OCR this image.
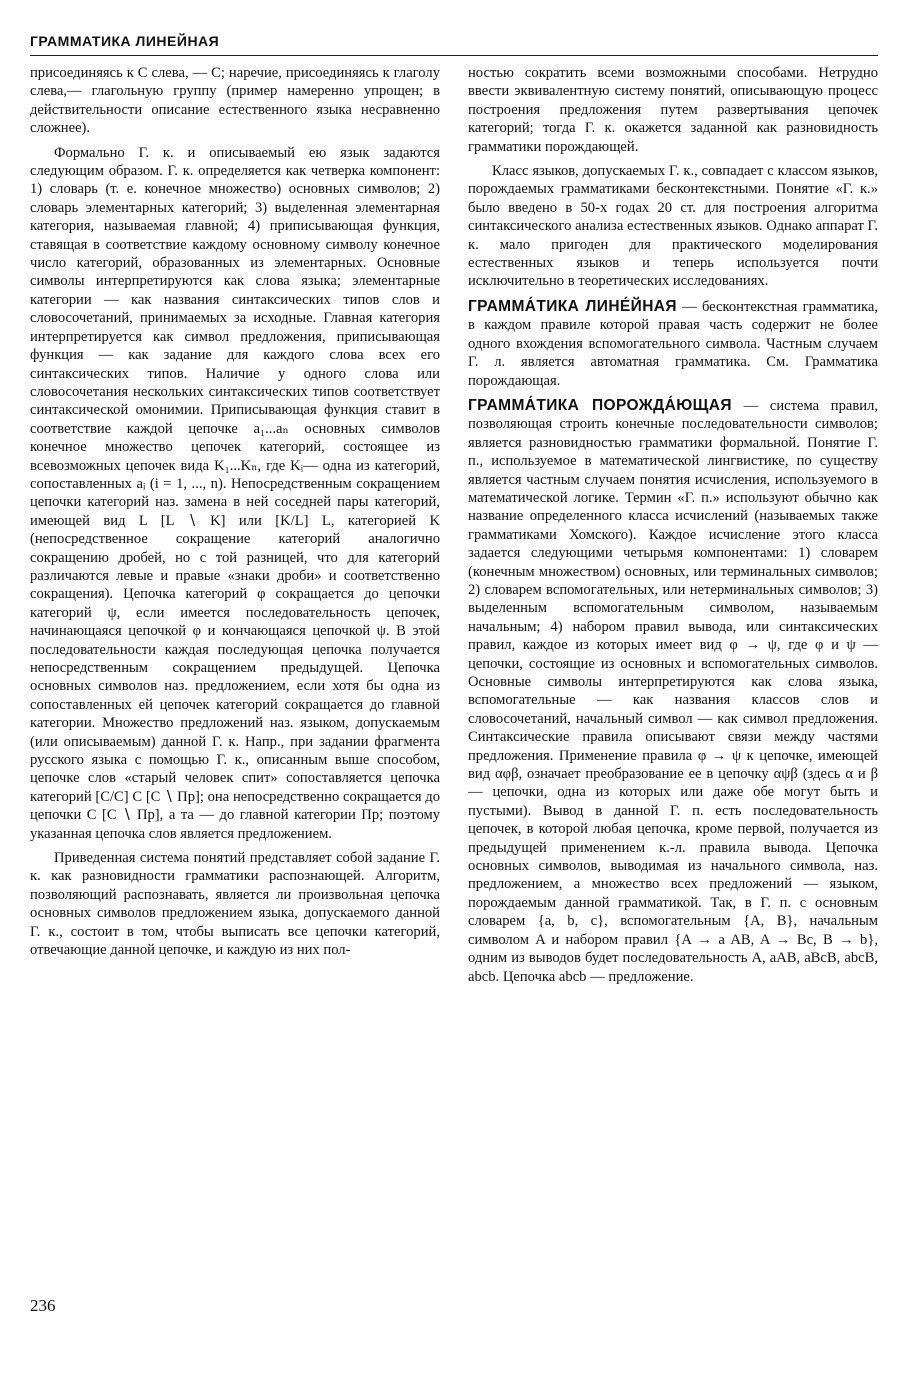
ГРАММАТИКА ЛИНЕЙНАЯ

присоединяясь к С слева, — С; наречие, присоединяясь к глаголу слева,— глагольную группу (пример намеренно упрощен; в действительности описание естественного языка несравненно сложнее).

Формально Г. к. и описываемый ею язык задаются следующим образом. Г. к. определяется как четверка компонент: 1) словарь (т. е. конечное множество) основных символов; 2) словарь элементарных категорий; 3) выделенная элементарная категория, называемая главной; 4) приписывающая функция, ставящая в соответствие каждому основному символу конечное число категорий, образованных из элементарных. Основные символы интерпретируются как слова языка; элементарные категории — как названия синтаксических типов слов и словосочетаний, принимаемых за исходные. Главная категория интерпретируется как символ предложения, приписывающая функция — как задание для каждого слова всех его синтаксических типов. Наличие у одного слова или словосочетания нескольких синтаксических типов соответствует синтаксической омонимии. Приписывающая функция ставит в соответствие каждой цепочке a₁...aₙ основных символов конечное множество цепочек категорий, состоящее из всевозможных цепочек вида K₁...Kₙ, где Kᵢ— одна из категорий, сопоставленных aᵢ (i = 1, ..., n). Непосредственным сокращением цепочки категорий наз. замена в ней соседней пары категорий, имеющей вид L [L ∖ K] или [K/L] L, категорией K (непосредственное сокращение категорий аналогично сокращению дробей, но с той разницей, что для категорий различаются левые и правые «знаки дроби» и соответственно сокращения). Цепочка категорий φ сокращается до цепочки категорий ψ, если имеется последовательность цепочек, начинающаяся цепочкой φ и кончающаяся цепочкой ψ. В этой последовательности каждая последующая цепочка получается непосредственным сокращением предыдущей. Цепочка основных символов наз. предложением, если хотя бы одна из сопоставленных ей цепочек категорий сокращается до главной категории. Множество предложений наз. языком, допускаемым (или описываемым) данной Г. к. Напр., при задании фрагмента русского языка с помощью Г. к., описанным выше способом, цепочке слов «старый человек спит» сопоставляется цепочка категорий [С/С] С [С ∖ Пр]; она непосредственно сокращается до цепочки С [С ∖ Пр], а та — до главной категории Пр; поэтому указанная цепочка слов является предложением.

Приведенная система понятий представляет собой задание Г. к. как разновидности грамматики распознающей. Алгоритм, позволяющий распознавать, является ли произвольная цепочка основных символов предложением языка, допускаемого данной Г. к., состоит в том, чтобы выписать все цепочки категорий, отвечающие данной цепочке, и каждую из них пол-

ностью сократить всеми возможными способами. Нетрудно ввести эквивалентную систему понятий, описывающую процесс построения предложения путем развертывания цепочек категорий; тогда Г. к. окажется заданной как разновидность грамматики порождающей.

Класс языков, допускаемых Г. к., совпадает с классом языков, порождаемых грамматиками бесконтекстными. Понятие «Г. к.» было введено в 50-х годах 20 ст. для построения алгоритма синтаксического анализа естественных языков. Однако аппарат Г. к. мало пригоден для практического моделирования естественных языков и теперь используется почти исключительно в теоретических исследованиях.

ГРАММА́ТИКА ЛИНЕ́ЙНАЯ — бесконтекстная грамматика, в каждом правиле которой правая часть содержит не более одного вхождения вспомогательного символа. Частным случаем Г. л. является автоматная грамматика. См. Грамматика порождающая.

ГРАММА́ТИКА ПОРОЖДА́ЮЩАЯ — система правил, позволяющая строить конечные последовательности символов; является разновидностью грамматики формальной. Понятие Г. п., используемое в математической лингвистике, по существу является частным случаем понятия исчисления, используемого в математической логике. Термин «Г. п.» используют обычно как название определенного класса исчислений (называемых также грамматиками Хомского). Каждое исчисление этого класса задается следующими четырьмя компонентами: 1) словарем (конечным множеством) основных, или терминальных символов; 2) словарем вспомогательных, или нетерминальных символов; 3) выделенным вспомогательным символом, называемым начальным; 4) набором правил вывода, или синтаксических правил, каждое из которых имеет вид φ → ψ, где φ и ψ — цепочки, состоящие из основных и вспомогательных символов. Основные символы интерпретируются как слова языка, вспомогательные — как названия классов слов и словосочетаний, начальный символ — как символ предложения. Синтаксические правила описывают связи между частями предложения. Применение правила φ → ψ к цепочке, имеющей вид αφβ, означает преобразование ее в цепочку αψβ (здесь α и β — цепочки, одна из которых или даже обе могут быть и пустыми). Вывод в данной Г. п. есть последовательность цепочек, в которой любая цепочка, кроме первой, получается из предыдущей применением к.-л. правила вывода. Цепочка основных символов, выводимая из начального символа, наз. предложением, а множество всех предложений — языком, порождаемым данной грамматикой. Так, в Г. п. с основным словарем {a, b, c}, вспомогательным {A, B}, начальным символом A и набором правил {A → a AB, A → Bc, B → b}, одним из выводов будет последовательность A, aAB, aBcB, abcB, abcb. Цепочка abcb — предложение.

236
